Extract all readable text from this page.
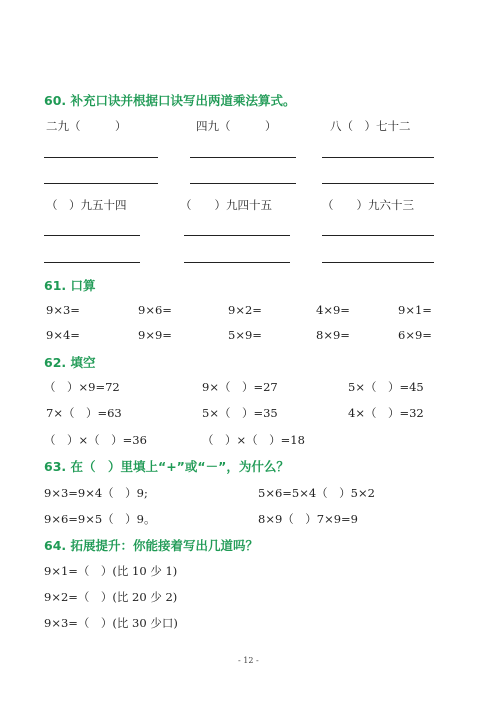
60. 补充口诀并根据口诀写出两道乘法算式。
二九（　　　）	四九（　　　）	八（　）七十二
（　）九五十四	（　　）九四十五	（　　）九六十三
61. 口算
9×3=	9×6=	9×2=	4×9=	9×1=
9×4=	9×9=	5×9=	8×9=	6×9=
62. 填空
（　）×9=72	9×（　）=27	5×（　）=45
7×（　）=63	5×（　）=35	4×（　）=32
（　）×（　）=36	（　）×（　）=18
63. 在（　）里填上“+”或“－”，为什么？
9×3=9×4（　）9;	5×6=5×4（　）5×2
9×6=9×5（　）9。	8×9（　）7×9=9
64. 拓展提升：你能接着写出几道吗？
9×1=（　）(比 10 少 1)
9×2=（　）(比 20 少 2)
9×3=（　）(比 30 少口)
- 12 -
